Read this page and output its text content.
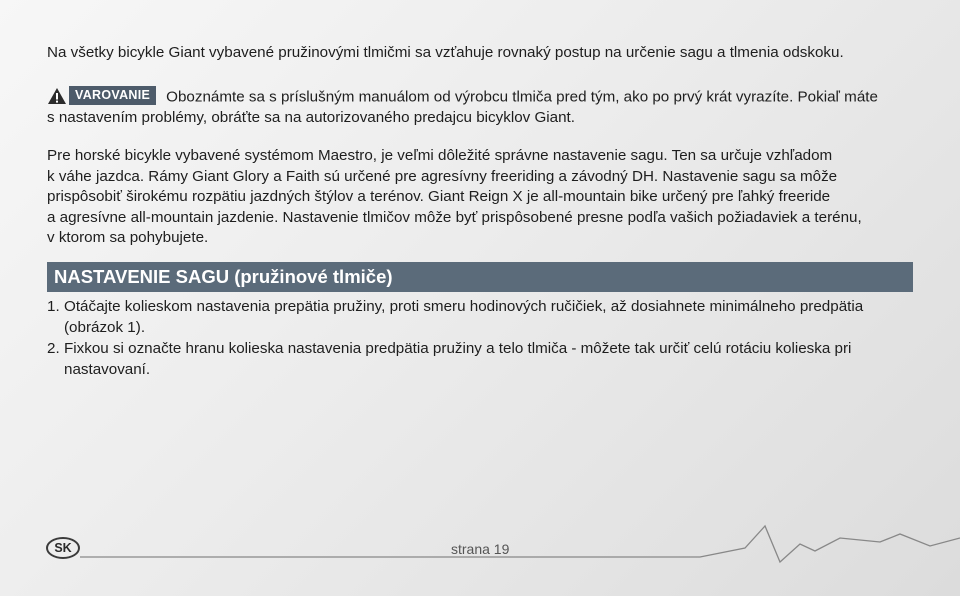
Na všetky bicykle Giant vybavené pružinovými tlmičmi sa vzťahuje rovnaký postup na určenie sagu a tlmenia odskoku.

VAROVANIE	Oboznámte sa s príslušným manuálom od výrobcu tlmiča pred tým, ako po prvý krát vyrazíte. Pokiaľ máte
s nastavením problémy, obráťte sa na autorizovaného predajcu bicyklov Giant.

Pre horské bicykle vybavené systémom Maestro, je veľmi dôležité správne nastavenie sagu. Ten sa určuje vzhľadom
k váhe jazdca. Rámy Giant Glory a Faith sú určené pre agresívny freeriding a závodný DH. Nastavenie sagu sa môže
prispôsobiť širokému rozpätiu jazdných štýlov a terénov. Giant Reign X je all-mountain bike určený pre ľahký freeride
a agresívne all-mountain jazdenie. Nastavenie tlmičov môže byť prispôsobené presne podľa vašich požiadaviek a terénu,
v ktorom sa pohybujete.

NASTAVENIE SAGU (pružinové tlmiče)
1. Otáčajte kolieskom nastavenia prepätia pružiny, proti smeru hodinových ručičiek, až dosiahnete minimálneho predpätia
(obrázok 1).
2. Fixkou si označte hranu kolieska nastavenia predpätia pružiny a telo tlmiča - môžete tak určiť celú rotáciu kolieska pri
nastavovaní.
SK	strana 19
